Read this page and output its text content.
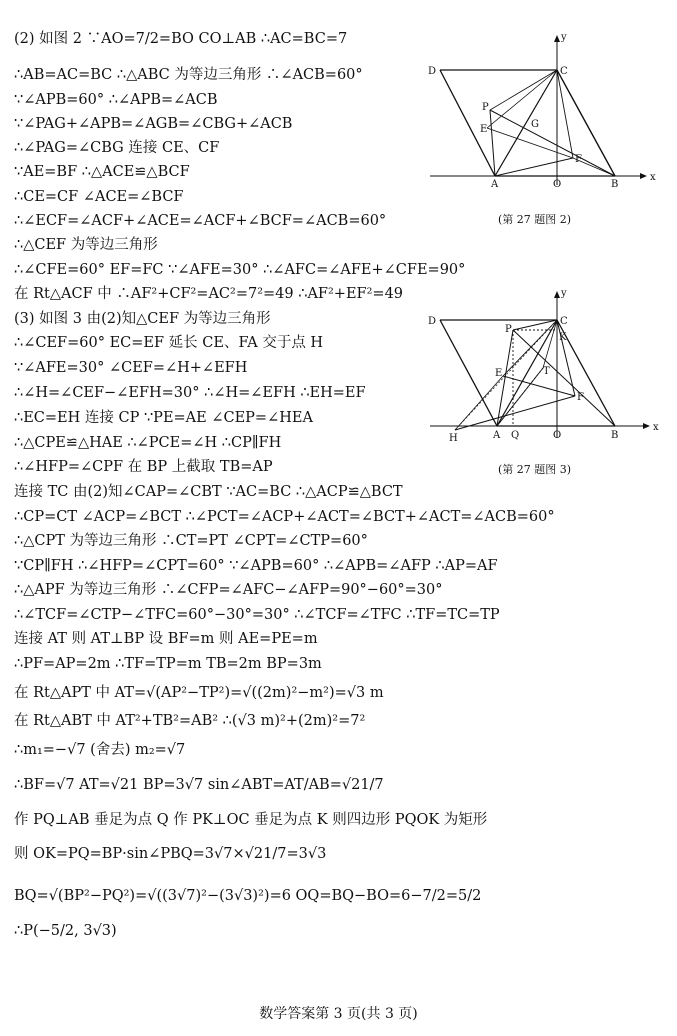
(2) 如图 2 ∵AO=7/2=BO CO⊥AB ∴AC=BC=7
∴AB=AC=BC ∴△ABC 为等边三角形 ∴∠ACB=60°
∵∠APB=60° ∴∠APB=∠ACB
∵∠PAG+∠APB=∠AGB=∠CBG+∠ACB
∴∠PAG=∠CBG 连接 CE、CF
∵AE=BF ∴△ACE≌△BCF
∴CE=CF ∠ACE=∠BCF
∴∠ECF=∠ACF+∠ACE=∠ACF+∠BCF=∠ACB=60°
∴△CEF 为等边三角形
∴∠CFE=60° EF=FC ∵∠AFE=30° ∴∠AFC=∠AFE+∠CFE=90°
在 Rt△ACF 中 ∴AF²+CF²=AC²=7²=49 ∴AF²+EF²=49
(3) 如图 3 由(2)知△CEF 为等边三角形
∴∠CEF=60° EC=EF 延长 CE、FA 交于点 H
∵∠AFE=30° ∠CEF=∠H+∠EFH
∴∠H=∠CEF−∠EFH=30° ∴∠H=∠EFH ∴EH=EF
∴EC=EH 连接 CP ∵PE=AE ∠CEP=∠HEA
∴△CPE≌△HAE ∴∠PCE=∠H ∴CP∥FH
∴∠HFP=∠CPF 在 BP 上截取 TB=AP
连接 TC 由(2)知∠CAP=∠CBT ∵AC=BC ∴△ACP≌△BCT
∴CP=CT ∠ACP=∠BCT ∴∠PCT=∠ACP+∠ACT=∠BCT+∠ACT=∠ACB=60°
∴△CPT 为等边三角形 ∴CT=PT ∠CPT=∠CTP=60°
∵CP∥FH ∴∠HFP=∠CPT=60° ∵∠APB=60° ∴∠APB=∠AFP ∴AP=AF
∴△APF 为等边三角形 ∴∠CFP=∠AFC−∠AFP=90°−60°=30°
∴∠TCF=∠CTP−∠TFC=60°−30°=30° ∴∠TCF=∠TFC ∴TF=TC=TP
连接 AT 则 AT⊥BP 设 BF=m 则 AE=PE=m
∴PF=AP=2m ∴TF=TP=m TB=2m BP=3m
在 Rt△APT 中 AT=√(AP²−TP²)=√((2m)²−m²)=√3 m
在 Rt△ABT 中 AT²+TB²=AB² ∴(√3 m)²+(2m)²=7²
∴m₁=−√7 (舍去) m₂=√7
∴BF=√7 AT=√21 BP=3√7 sin∠ABT=AT/AB=√21/7
作 PQ⊥AB 垂足为点 Q 作 PK⊥OC 垂足为点 K 则四边形 PQOK 为矩形
则 OK=PQ=BP·sin∠PBQ=3√7×√21/7=3√3
BQ=√(BP²−PQ²)=√((3√7)²−(3√3)²)=6 OQ=BQ−BO=6−7/2=5/2
∴P(−5/2, 3√3)
D	C
P
E	G
F
A	O	B
x
y
(第 27 题图 2)
D	C
P
K
E	T
F
H	A Q	O	B
x
y
(第 27 题图 3)
数学答案第 3 页(共 3 页)
